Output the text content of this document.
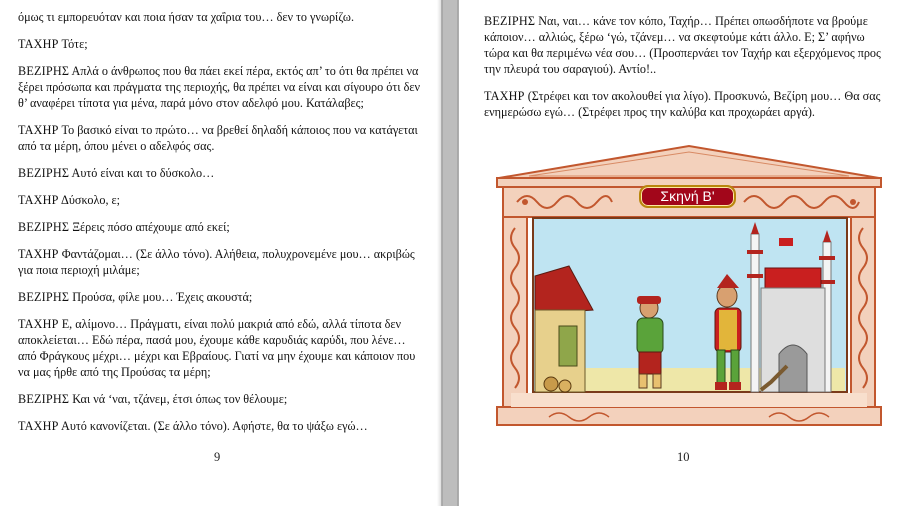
όμως τι εμπορευόταν και ποια ήσαν τα χαΐρια του… δεν το γνωρίζω.

ΤΑΧΗΡ Τότε;

ΒΕΖΙΡΗΣ Απλά ο άνθρωπος που θα πάει εκεί πέρα, εκτός απ’ το ότι θα πρέπει να ξέρει πρόσωπα και πράγματα της περιοχής, θα πρέπει να είναι και σίγουρο ότι δεν θ’ αναφέρει τίποτα για μένα, παρά μόνο στον αδελφό μου. Κατάλαβες;

ΤΑΧΗΡ Το βασικό είναι το πρώτο… να βρεθεί δηλαδή κάποιος που να κατάγεται από τα μέρη, όπου μένει ο αδελφός σας.

ΒΕΖΙΡΗΣ Αυτό είναι και το δύσκολο…

ΤΑΧΗΡ Δύσκολο, ε;

ΒΕΖΙΡΗΣ Ξέρεις πόσο απέχουμε από εκεί;

ΤΑΧΗΡ Φαντάζομαι… (Σε άλλο τόνο). Αλήθεια, πολυχρονεμένε μου… ακριβώς για ποια περιοχή μιλάμε;

ΒΕΖΙΡΗΣ Προύσα, φίλε μου… Έχεις ακουστά;

ΤΑΧΗΡ Ε, αλίμονο… Πράγματι, είναι πολύ μακριά από εδώ, αλλά τίποτα δεν αποκλείεται… Εδώ πέρα, πασά μου, έχουμε κάθε καρυδιάς καρύδι, που λένε… από Φράγκους μέχρι… μέχρι και Εβραίους. Γιατί να μην έχουμε και κάποιον που να μας ήρθε από της Προύσας τα μέρη;

ΒΕΖΙΡΗΣ Και νά ‘ναι, τζάνεμ, έτσι όπως τον θέλουμε;

ΤΑΧΗΡ Αυτό κανονίζεται. (Σε άλλο τόνο). Αφήστε, θα το ψάξω εγώ…

9

ΒΕΖΙΡΗΣ Ναι, ναι… κάνε τον κόπο, Ταχήρ… Πρέπει οπωσδήποτε να βρούμε κάποιον… αλλιώς, ξέρω ‘γώ, τζάνεμ… να σκεφτούμε κάτι άλλο. Ε; Σ’ αφήνω τώρα και θα περιμένω νέα σου… (Προσπερνάει τον Ταχήρ και εξερχόμενος προς την πλευρά του σαραγιού). Αντίο!..

ΤΑΧΗΡ (Στρέφει και τον ακολουθεί για λίγο). Προσκυνώ, Βεζίρη μου… Θα σας ενημερώσω εγώ… (Στρέφει προς την καλύβα και προχωράει αργά).

Σκηνή Β'
10
